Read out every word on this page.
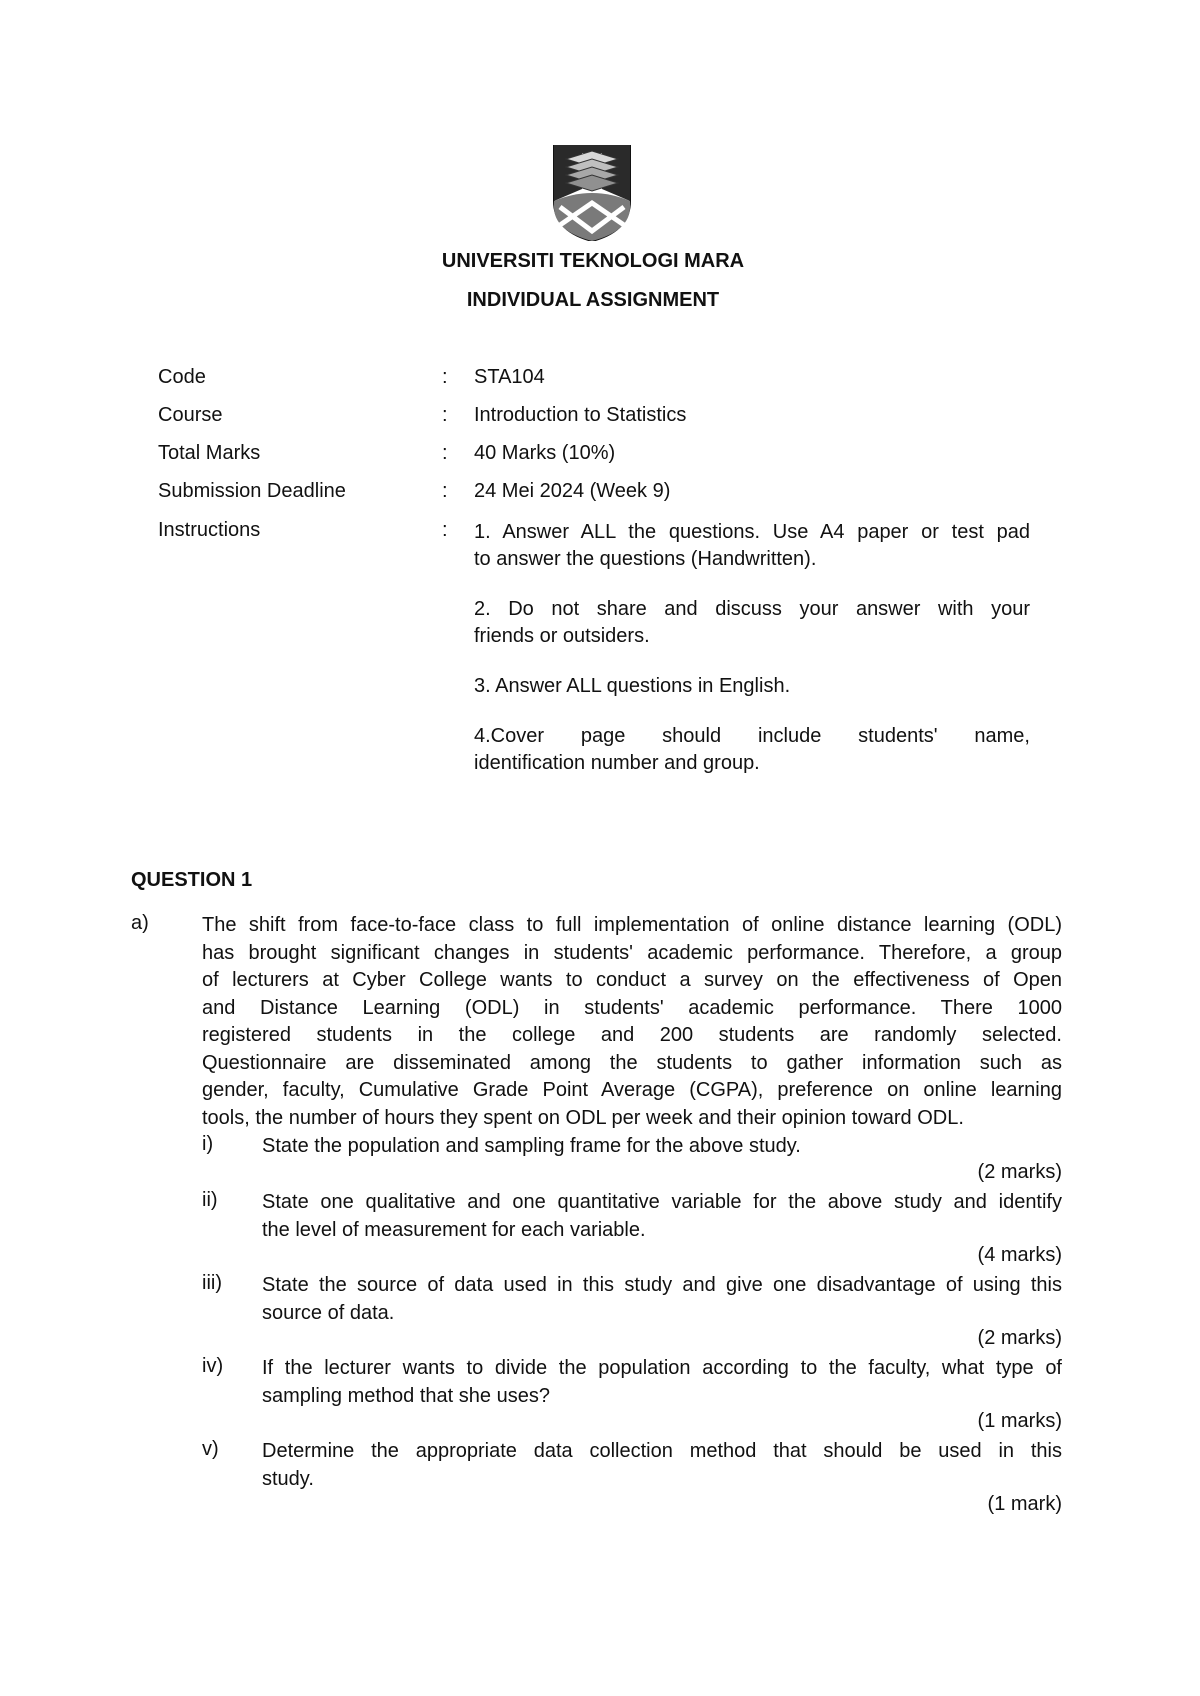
UNIVERSITI TEKNOLOGI MARA
INDIVIDUAL ASSIGNMENT
Code	: STA104
Course	: Introduction to Statistics
Total Marks	: 40 Marks (10%)
Submission Deadline	: 24 Mei 2024 (Week 9)
Instructions	: 1. Answer ALL the questions. Use A4 paper or test pad
to answer the questions (Handwritten).
2. Do not share and discuss your answer with your
friends or outsiders.
3. Answer ALL questions in English.
4.Cover page should include students' name,
identification number and group.
QUESTION 1
a)	The shift from face-to-face class to full implementation of online distance learning (ODL)
has brought significant changes in students' academic performance. Therefore, a group
of lecturers at Cyber College wants to conduct a survey on the effectiveness of Open
and Distance Learning (ODL) in students' academic performance. There 1000
registered students in the college and 200 students are randomly selected.
Questionnaire are disseminated among the students to gather information such as
gender, faculty, Cumulative Grade Point Average (CGPA), preference on online learning
tools, the number of hours they spent on ODL per week and their opinion toward ODL.
i) State the population and sampling frame for the above study.
(2 marks)
ii) State one qualitative and one quantitative variable for the above study and identify
the level of measurement for each variable.
(4 marks)
iii) State the source of data used in this study and give one disadvantage of using this
source of data.
(2 marks)
iv) If the lecturer wants to divide the population according to the faculty, what type of
sampling method that she uses?
(1 marks)
v) Determine the appropriate data collection method that should be used in this
study.
(1 mark)
